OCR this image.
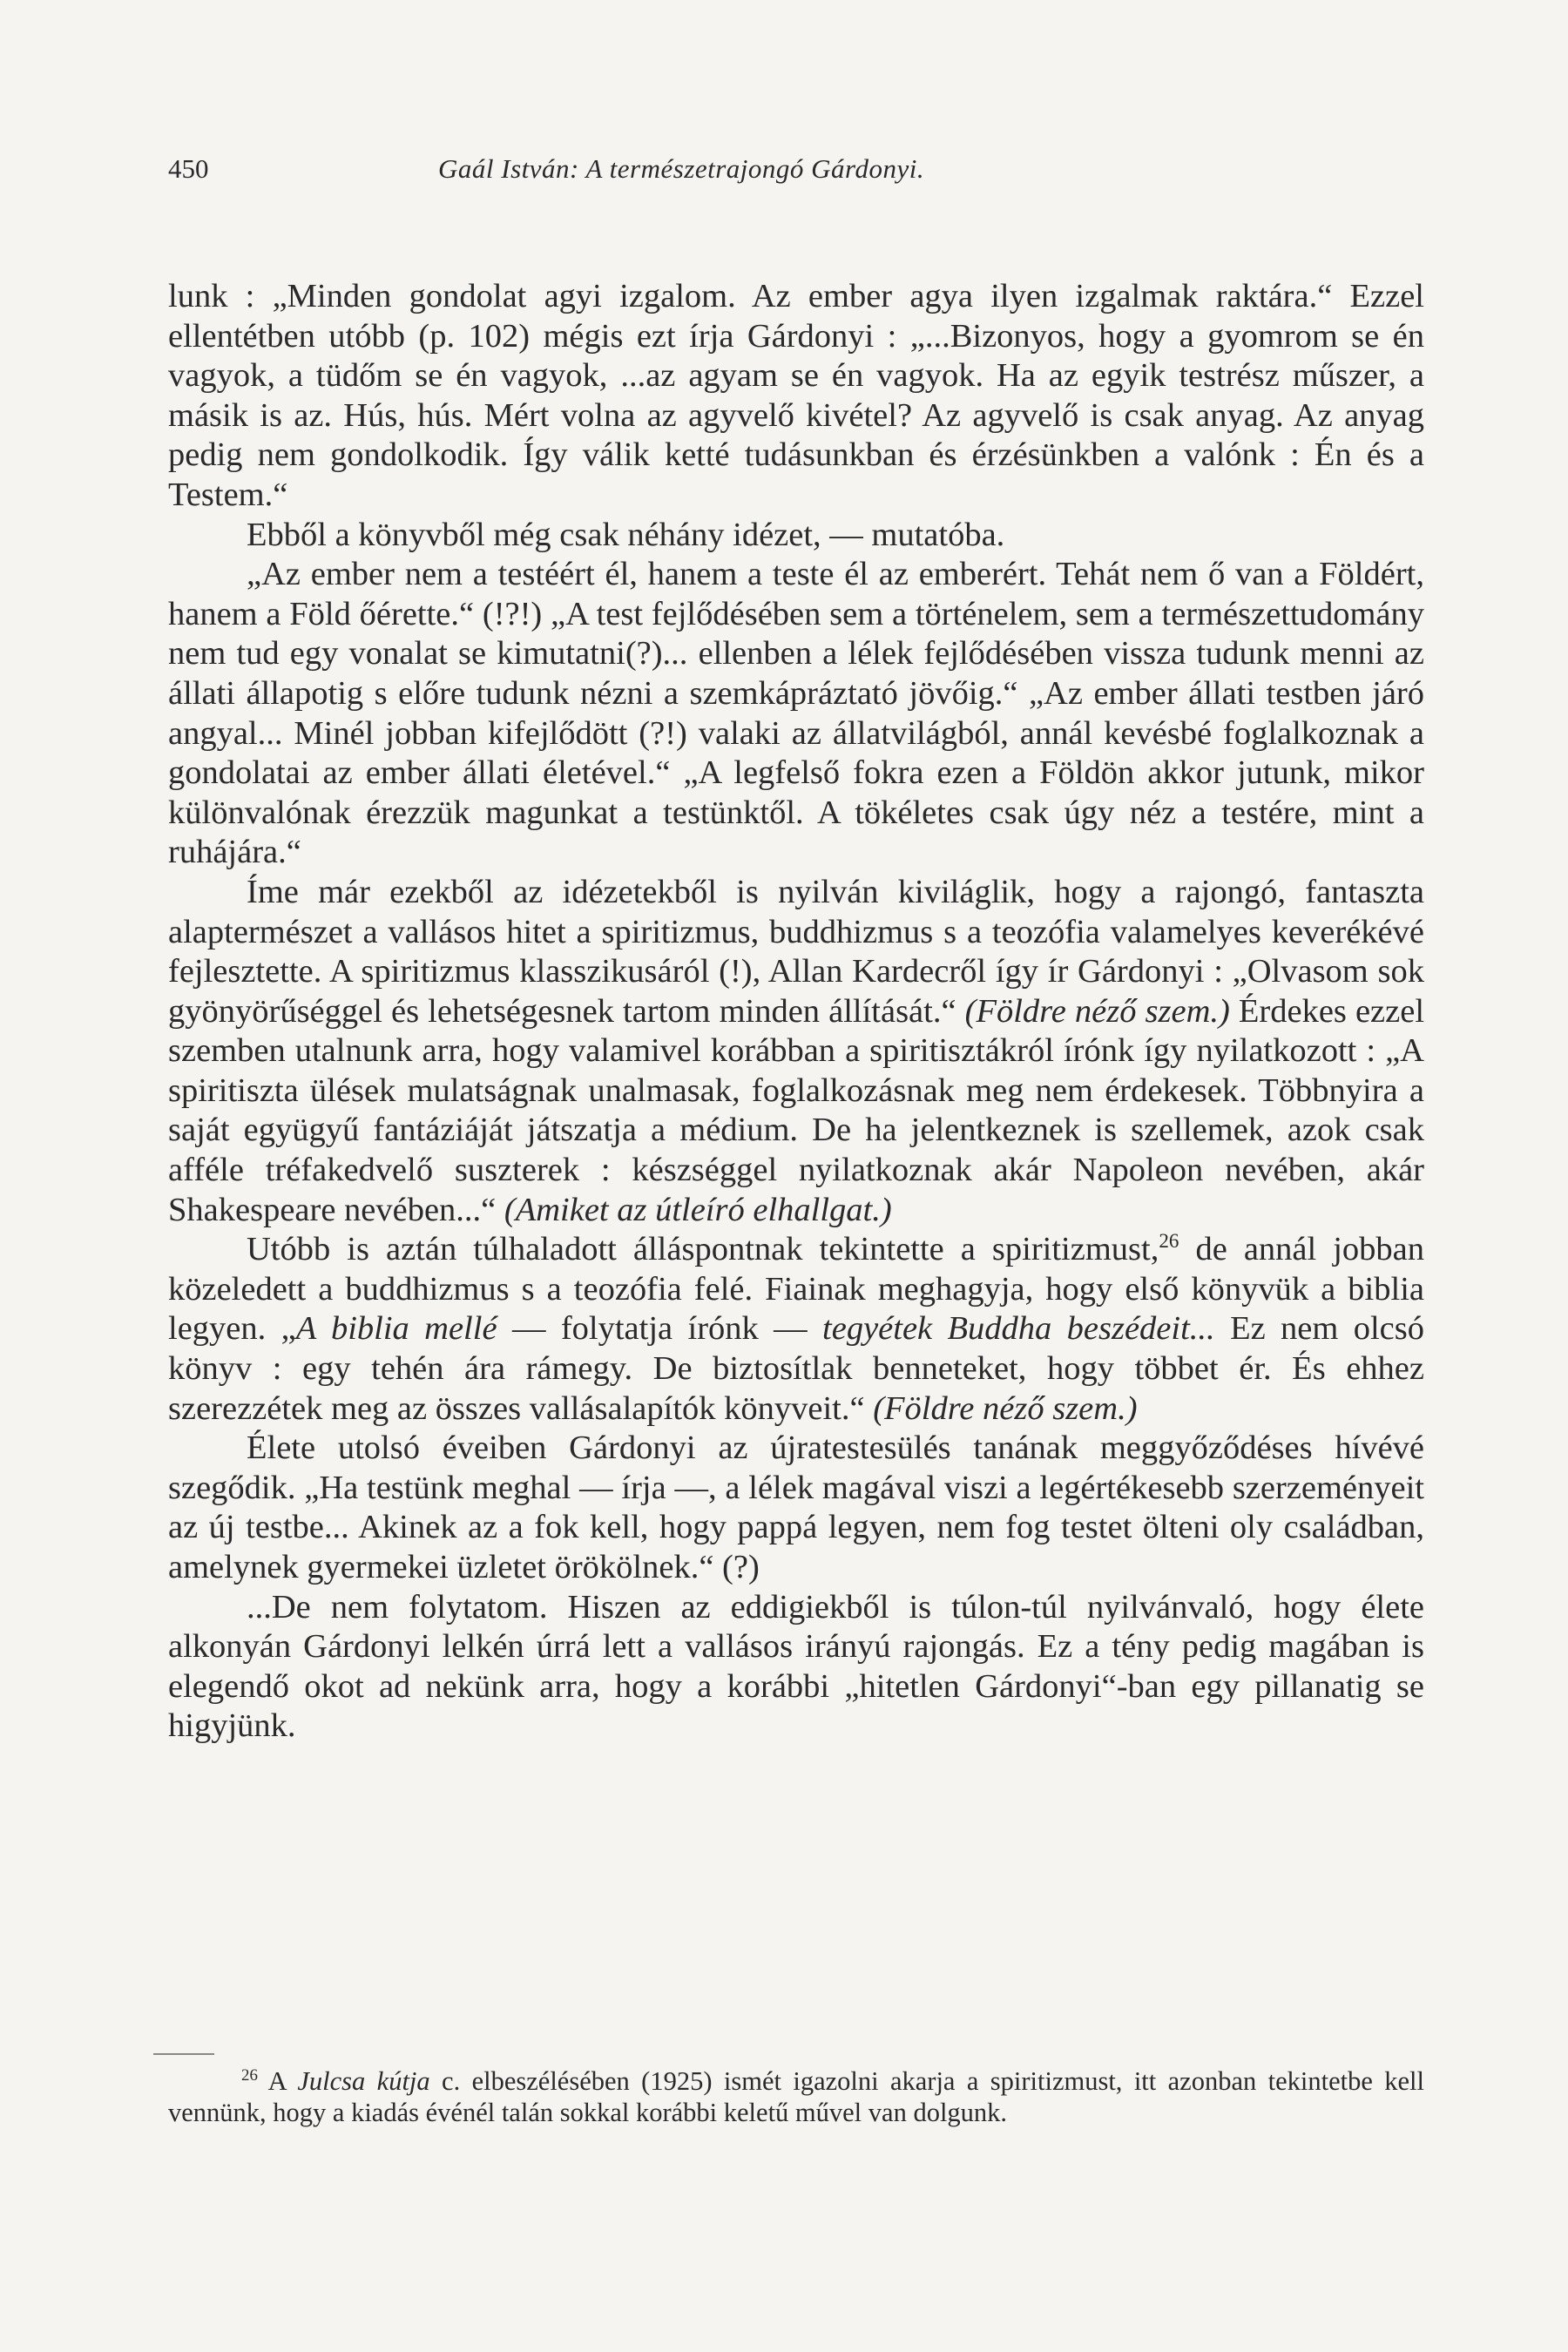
450	Gaál István: A természetrajongó Gárdonyi.

lunk : „Minden gondolat agyi izgalom. Az ember agya ilyen izgalmak raktára.“ Ezzel ellentétben utóbb (p. 102) mégis ezt írja Gárdonyi : „...Bizonyos, hogy a gyomrom se én vagyok, a tüdőm se én vagyok, ...az agyam se én vagyok. Ha az egyik testrész műszer, a másik is az. Hús, hús. Mért volna az agyvelő kivétel? Az agyvelő is csak anyag. Az anyag pedig nem gondolkodik. Így válik ketté tudásunkban és érzésünkben a valónk : Én és a Testem.“

Ebből a könyvből még csak néhány idézet, — mutatóba.

„Az ember nem a testéért él, hanem a teste él az emberért. Tehát nem ő van a Földért, hanem a Föld őérette.“ (!?!) „A test fejlődésében sem a történelem, sem a természettudomány nem tud egy vonalat se kimutatni(?)... ellenben a lélek fejlődésében vissza tudunk menni az állati állapotig s előre tudunk nézni a szemkápráztató jövőig.“ „Az ember állati testben járó angyal... Minél jobban kifejlődött (?!) valaki az állatvilágból, annál kevésbé foglalkoznak a gondolatai az ember állati életével.“ „A legfelső fokra ezen a Földön akkor jutunk, mikor különvalónak érezzük magunkat a testünktől. A tökéletes csak úgy néz a testére, mint a ruhájára.“

Íme már ezekből az idézetekből is nyilván kiviláglik, hogy a rajongó, fantaszta alaptermészet a vallásos hitet a spiritizmus, buddhizmus s a teozófia valamelyes keverékévé fejlesztette. A spiritizmus klasszikusáról (!), Allan Kardecről így ír Gárdonyi : „Olvasom sok gyönyörűséggel és lehetségesnek tartom minden állítását.“ (Földre néző szem.) Érdekes ezzel szemben utalnunk arra, hogy valamivel korábban a spiritisztákról írónk így nyilatkozott : „A spiritiszta ülések mulatságnak unalmasak, foglalkozásnak meg nem érdekesek. Többnyira a saját együgyű fantáziáját játszatja a médium. De ha jelentkeznek is szellemek, azok csak afféle tréfakedvelő suszterek : készséggel nyilatkoznak akár Napoleon nevében, akár Shakespeare nevében...“ (Amiket az útleíró elhallgat.)

Utóbb is aztán túlhaladott álláspontnak tekintette a spiritizmust,$^{26}$ de annál jobban közeledett a buddhizmus s a teozófia felé. Fiainak meghagyja, hogy első könyvük a biblia legyen. „A biblia mellé — folytatja írónk — tegyétek Buddha beszédeit... Ez nem olcsó könyv : egy tehén ára rámegy. De biztosítlak benneteket, hogy többet ér. És ehhez szerezzétek meg az összes vallásalapítók könyveit.“ (Földre néző szem.)

Élete utolsó éveiben Gárdonyi az újratestesülés tanának meggyőződéses hívévé szegődik. „Ha testünk meghal — írja —, a lélek magával viszi a legértékesebb szerzeményeit az új testbe... Akinek az a fok kell, hogy pappá legyen, nem fog testet ölteni oly családban, amelynek gyermekei üzletet örökölnek.“ (?)

...De nem folytatom. Hiszen az eddigiekből is túlon-túl nyilvánvaló, hogy élete alkonyán Gárdonyi lelkén úrrá lett a vallásos irányú rajongás. Ez a tény pedig magában is elegendő okot ad nekünk arra, hogy a korábbi „hitetlen Gárdonyi“-ban egy pillanatig se higyjünk.

$^{26}$ A Julcsa kútja c. elbeszélésében (1925) ismét igazolni akarja a spiritizmust, itt azonban tekintetbe kell vennünk, hogy a kiadás événél talán sokkal korábbi keletű művel van dolgunk.
